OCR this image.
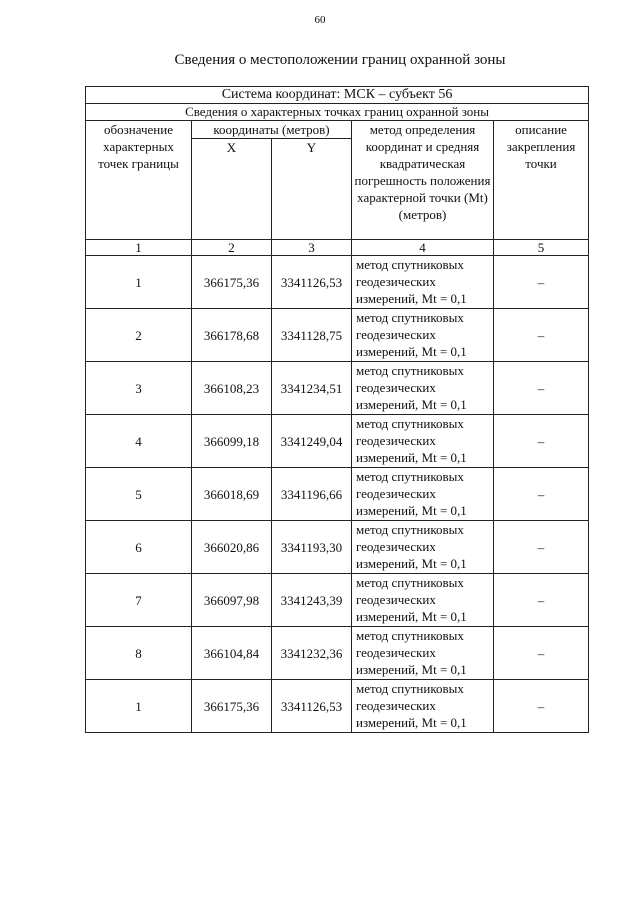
60
Сведения о местоположении границ охранной зоны
Система координат: МСК – субъект 56				
Сведения о характерных точках границ охранной зоны				
обозначение характерных точек границы	координаты (метров)		метод определения координат и средняя квадратическая погрешность положения характерной точки (Mt) (метров)	описание закрепления точки
	X	Y		
1	2	3	4	5
1	366175,36	3341126,53	метод спутниковых
геодезических
измерений, Mt = 0,1	–
2	366178,68	3341128,75	метод спутниковых
геодезических
измерений, Mt = 0,1	–
3	366108,23	3341234,51	метод спутниковых
геодезических
измерений, Mt = 0,1	–
4	366099,18	3341249,04	метод спутниковых
геодезических
измерений, Mt = 0,1	–
5	366018,69	3341196,66	метод спутниковых
геодезических
измерений, Mt = 0,1	–
6	366020,86	3341193,30	метод спутниковых
геодезических
измерений, Mt = 0,1	–
7	366097,98	3341243,39	метод спутниковых
геодезических
измерений, Mt = 0,1	–
8	366104,84	3341232,36	метод спутниковых
геодезических
измерений, Mt = 0,1	–
1	366175,36	3341126,53	метод спутниковых
геодезических
измерений, Mt = 0,1	–
